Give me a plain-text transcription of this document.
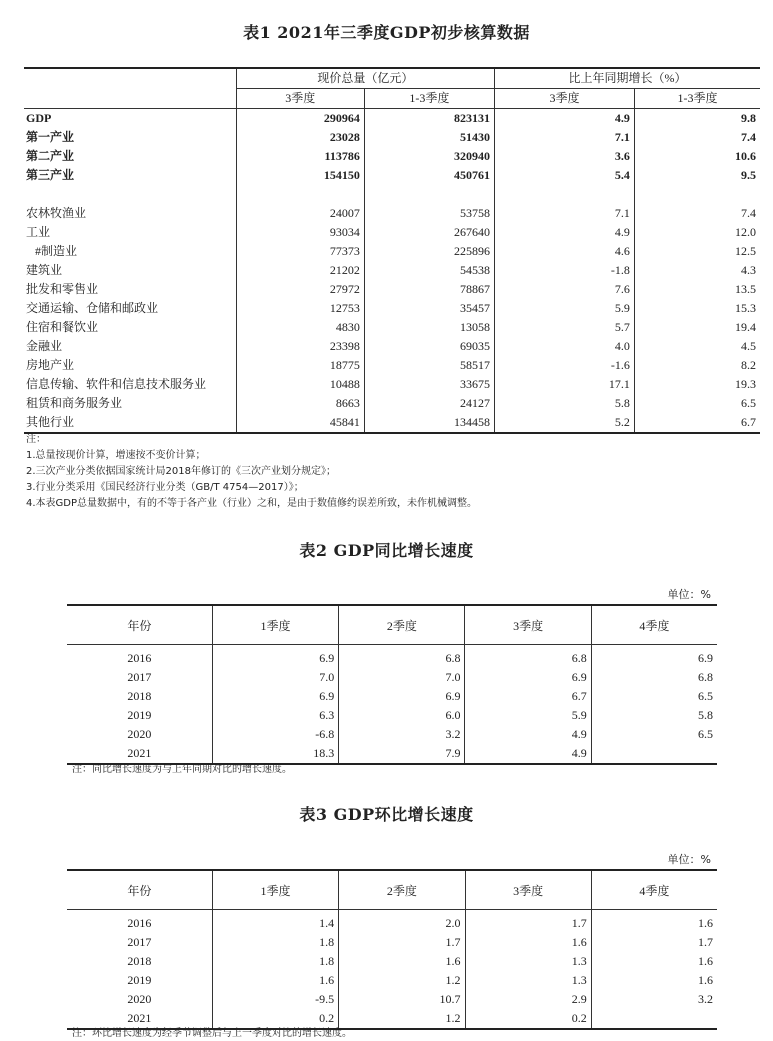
表1 2021年三季度GDP初步核算数据
	现价总量（亿元）		比上年同期增长（%）	
	3季度	1-3季度	3季度	1-3季度
GDP	290964	823131	4.9	9.8
第一产业	23028	51430	7.1	7.4
第二产业	113786	320940	3.6	10.6
第三产业	154150	450761	5.4	9.5

农林牧渔业	24007	53758	7.1	7.4
工业	93034	267640	4.9	12.0
#制造业	77373	225896	4.6	12.5
建筑业	21202	54538	-1.8	4.3
批发和零售业	27972	78867	7.6	13.5
交通运输、仓储和邮政业	12753	35457	5.9	15.3
住宿和餐饮业	4830	13058	5.7	19.4
金融业	23398	69035	4.0	4.5
房地产业	18775	58517	-1.6	8.2
信息传输、软件和信息技术服务业	10488	33675	17.1	19.3
租赁和商务服务业	8663	24127	5.8	6.5
其他行业	45841	134458	5.2	6.7
注：
1.总量按现价计算，增速按不变价计算；
2.三次产业分类依据国家统计局2018年修订的《三次产业划分规定》；
3.行业分类采用《国民经济行业分类（GB/T 4754—2017）》；
4.本表GDP总量数据中，有的不等于各产业（行业）之和，是由于数值修约误差所致，未作机械调整。
表2 GDP同比增长速度
单位：%
年份	1季度	2季度	3季度	4季度
2016	6.9	6.8	6.8	6.9
2017	7.0	7.0	6.9	6.8
2018	6.9	6.9	6.7	6.5
2019	6.3	6.0	5.9	5.8
2020	-6.8	3.2	4.9	6.5
2021	18.3	7.9	4.9	
注：同比增长速度为与上年同期对比的增长速度。
表3 GDP环比增长速度
单位：%
年份	1季度	2季度	3季度	4季度
2016	1.4	2.0	1.7	1.6
2017	1.8	1.7	1.6	1.7
2018	1.8	1.6	1.3	1.6
2019	1.6	1.2	1.3	1.6
2020	-9.5	10.7	2.9	3.2
2021	0.2	1.2	0.2	
注：环比增长速度为经季节调整后与上一季度对比的增长速度。
